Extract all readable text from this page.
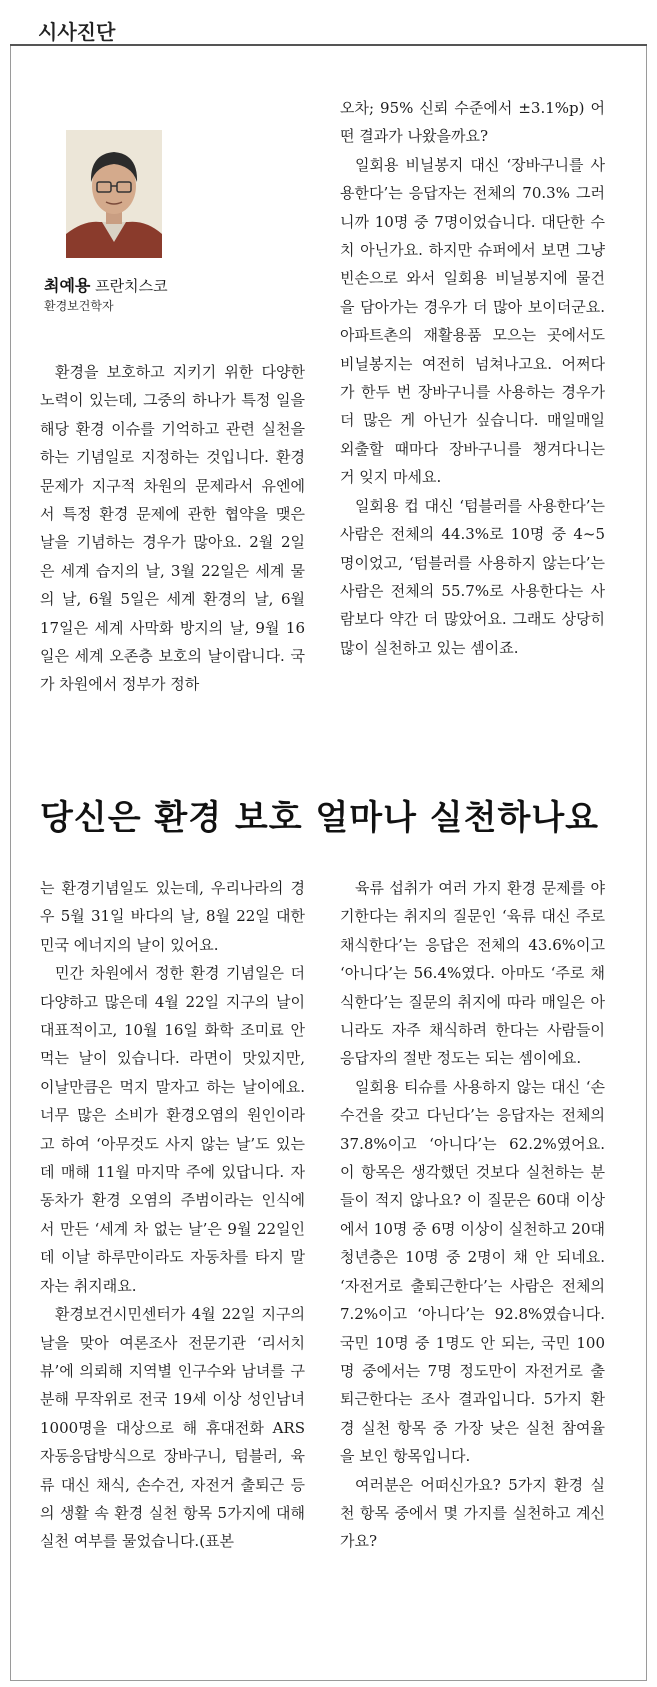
시사진단
최예용 프란치스코
환경보건학자

환경을 보호하고 지키기 위한 다양한 노력이 있는데, 그중의 하나가 특정 일을 해당 환경 이슈를 기억하고 관련 실천을 하는 기념일로 지정하는 것입니다. 환경 문제가 지구적 차원의 문제라서 유엔에서 특정 환경 문제에 관한 협약을 맺은 날을 기념하는 경우가 많아요. 2월 2일은 세계 습지의 날, 3월 22일은 세계 물의 날, 6월 5일은 세계 환경의 날, 6월 17일은 세계 사막화 방지의 날, 9월 16일은 세계 오존층 보호의 날이랍니다. 국가 차원에서 정부가 정하

오차; 95% 신뢰 수준에서 ±3.1%p) 어떤 결과가 나왔을까요?

일회용 비닐봉지 대신 ‘장바구니를 사용한다’는 응답자는 전체의 70.3% 그러니까 10명 중 7명이었습니다. 대단한 수치 아닌가요. 하지만 슈퍼에서 보면 그냥 빈손으로 와서 일회용 비닐봉지에 물건을 담아가는 경우가 더 많아 보이더군요. 아파트촌의 재활용품 모으는 곳에서도 비닐봉지는 여전히 넘쳐나고요. 어쩌다가 한두 번 장바구니를 사용하는 경우가 더 많은 게 아닌가 싶습니다. 매일매일 외출할 때마다 장바구니를 챙겨다니는 거 잊지 마세요.

일회용 컵 대신 ‘텀블러를 사용한다’는 사람은 전체의 44.3%로 10명 중 4~5명이었고, ‘텀블러를 사용하지 않는다’는 사람은 전체의 55.7%로 사용한다는 사람보다 약간 더 많았어요. 그래도 상당히 많이 실천하고 있는 셈이죠.

당신은 환경 보호 얼마나 실천하나요

는 환경기념일도 있는데, 우리나라의 경우 5월 31일 바다의 날, 8월 22일 대한민국 에너지의 날이 있어요.

민간 차원에서 정한 환경 기념일은 더 다양하고 많은데 4월 22일 지구의 날이 대표적이고, 10월 16일 화학 조미료 안 먹는 날이 있습니다. 라면이 맛있지만, 이날만큼은 먹지 말자고 하는 날이에요. 너무 많은 소비가 환경오염의 원인이라고 하여 ‘아무것도 사지 않는 날’도 있는데 매해 11월 마지막 주에 있답니다. 자동차가 환경 오염의 주범이라는 인식에서 만든 ‘세계 차 없는 날’은 9월 22일인데 이날 하루만이라도 자동차를 타지 말자는 취지래요.

환경보건시민센터가 4월 22일 지구의 날을 맞아 여론조사 전문기관 ‘리서치뷰’에 의뢰해 지역별 인구수와 남녀를 구분해 무작위로 전국 19세 이상 성인남녀 1000명을 대상으로 해 휴대전화 ARS 자동응답방식으로 장바구니, 텀블러, 육류 대신 채식, 손수건, 자전거 출퇴근 등의 생활 속 환경 실천 항목 5가지에 대해 실천 여부를 물었습니다.(표본

육류 섭취가 여러 가지 환경 문제를 야기한다는 취지의 질문인 ‘육류 대신 주로 채식한다’는 응답은 전체의 43.6%이고 ‘아니다’는 56.4%였다. 아마도 ‘주로 채식한다’는 질문의 취지에 따라 매일은 아니라도 자주 채식하려 한다는 사람들이 응답자의 절반 정도는 되는 셈이에요.

일회용 티슈를 사용하지 않는 대신 ‘손수건을 갖고 다닌다’는 응답자는 전체의 37.8%이고 ‘아니다’는 62.2%였어요. 이 항목은 생각했던 것보다 실천하는 분들이 적지 않나요? 이 질문은 60대 이상에서 10명 중 6명 이상이 실천하고 20대 청년층은 10명 중 2명이 채 안 되네요. ‘자전거로 출퇴근한다’는 사람은 전체의 7.2%이고 ‘아니다’는 92.8%였습니다. 국민 10명 중 1명도 안 되는, 국민 100명 중에서는 7명 정도만이 자전거로 출퇴근한다는 조사 결과입니다. 5가지 환경 실천 항목 중 가장 낮은 실천 참여율을 보인 항목입니다.

여러분은 어떠신가요? 5가지 환경 실천 항목 중에서 몇 가지를 실천하고 계신가요?
